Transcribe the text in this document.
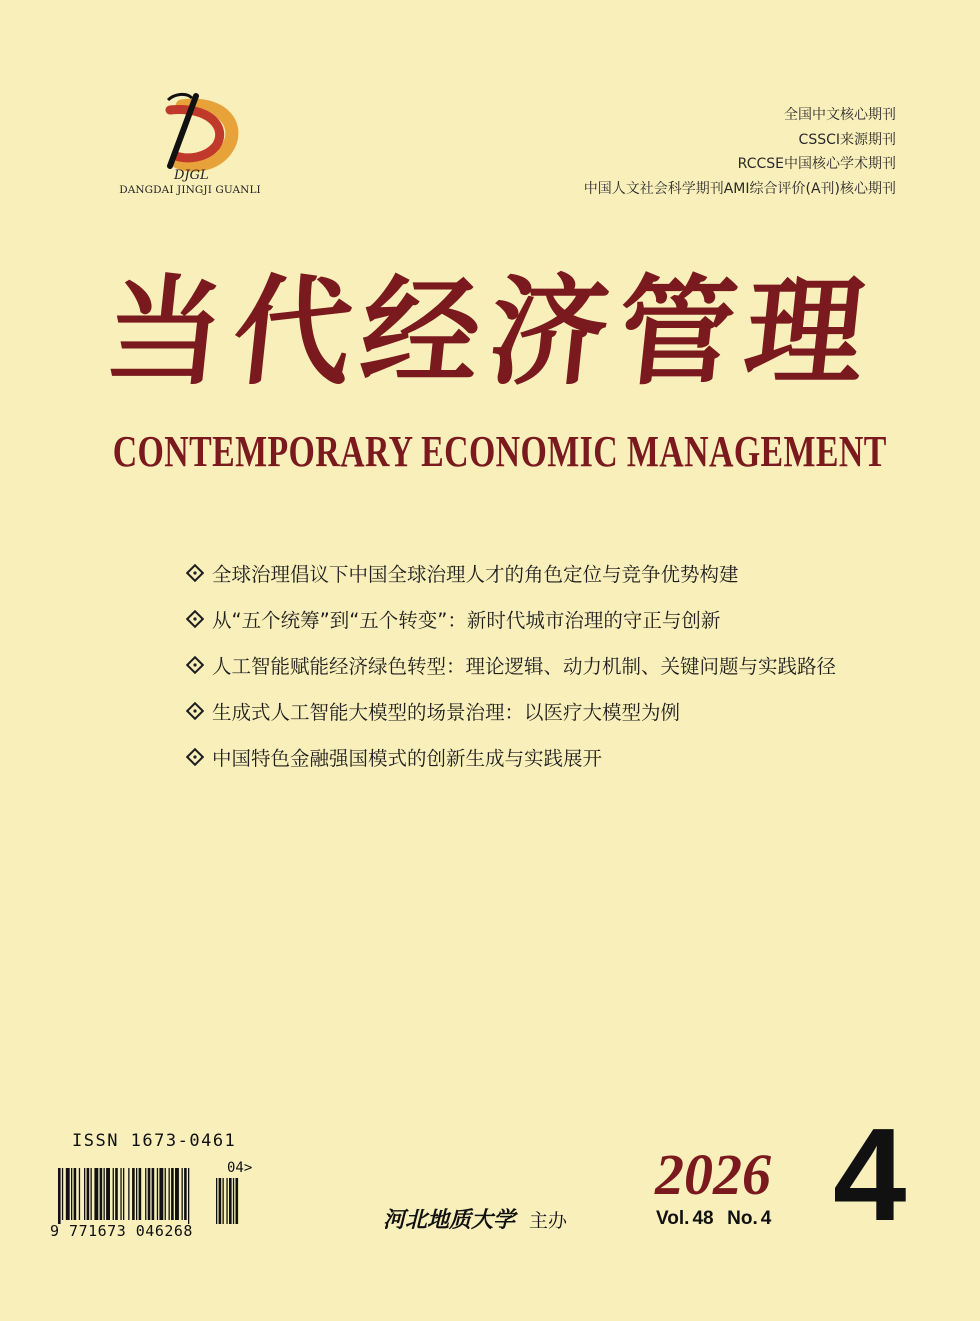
DJGL
DANGDAI JINGJI GUANLI
全国中文核心期刊
CSSCI来源期刊
RCCSE中国核心学术期刊
中国人文社会科学期刊AMI综合评价(A刊)核心期刊
当代经济管理
CONTEMPORARY ECONOMIC MANAGEMENT
全球治理倡议下中国全球治理人才的角色定位与竞争优势构建
从“五个统筹”到“五个转变”：新时代城市治理的守正与创新
人工智能赋能经济绿色转型：理论逻辑、动力机制、关键问题与实践路径
生成式人工智能大模型的场景治理：以医疗大模型为例
中国特色金融强国模式的创新生成与实践展开
ISSN 1673-0461
04>
9 771673 046268	河北地质大学 主办
2026
Vol. 48 No. 4 4
